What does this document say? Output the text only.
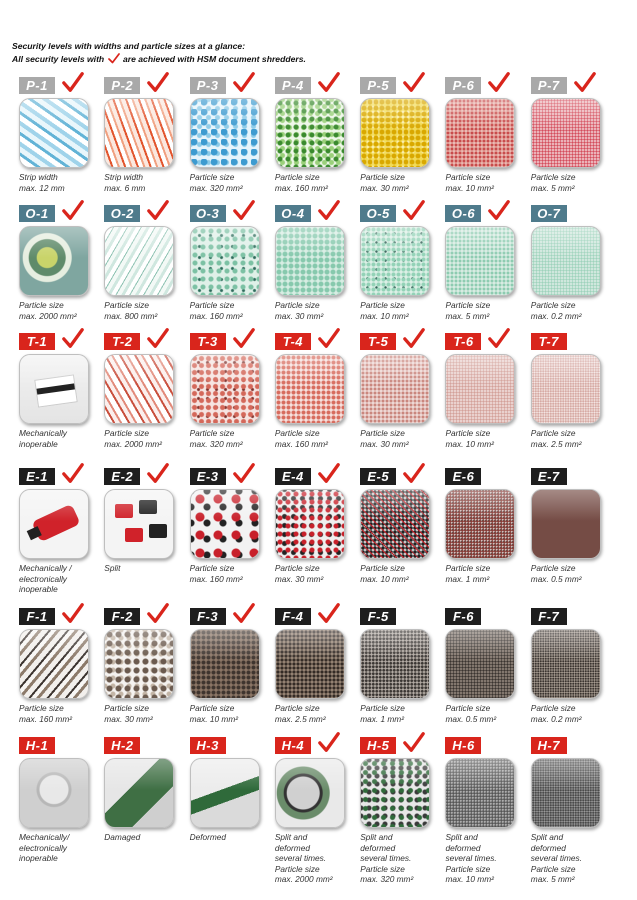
Security levels with widths and particle sizes at a glance:
All security levels with are achieved with HSM document shredders.
P-1
Strip width
max. 12 mm
P-2
Strip width
max. 6 mm
P-3
Particle size
max. 320 mm²
P-4
Particle size
max. 160 mm²
P-5
Particle size
max. 30 mm²
P-6
Particle size
max. 10 mm²
P-7
Particle size
max. 5 mm²
O-1
Particle size
max. 2000 mm²
O-2
Particle size
max. 800 mm²
O-3
Particle size
max. 160 mm²
O-4
Particle size
max. 30 mm²
O-5
Particle size
max. 10 mm²
O-6
Particle size
max. 5 mm²
O-7
Particle size
max. 0.2 mm²
T-1
Mechanically
inoperable
T-2
Particle size
max. 2000 mm²
T-3
Particle size
max. 320 mm²
T-4
Particle size
max. 160 mm²
T-5
Particle size
max. 30 mm²
T-6
Particle size
max. 10 mm²
T-7
Particle size
max. 2.5 mm²
E-1
Mechanically /
electronically
inoperable
E-2
Split
E-3
Particle size
max. 160 mm²
E-4
Particle size
max. 30 mm²
E-5
Particle size
max. 10 mm²
E-6
Particle size
max. 1 mm²
E-7
Particle size
max. 0.5 mm²
F-1
Particle size
max. 160 mm²
F-2
Particle size
max. 30 mm²
F-3
Particle size
max. 10 mm²
F-4
Particle size
max. 2.5 mm²
F-5
Particle size
max. 1 mm²
F-6
Particle size
max. 0.5 mm²
F-7
Particle size
max. 0.2 mm²
H-1
Mechanically/
electronically
inoperable
H-2
Damaged
H-3
Deformed
H-4
Split and
deformed
several times.
Particle size
max. 2000 mm²
H-5
Split and
deformed
several times.
Particle size
max. 320 mm²
H-6
Split and
deformed
several times.
Particle size
max. 10 mm²
H-7
Split and
deformed
several times.
Particle size
max. 5 mm²
